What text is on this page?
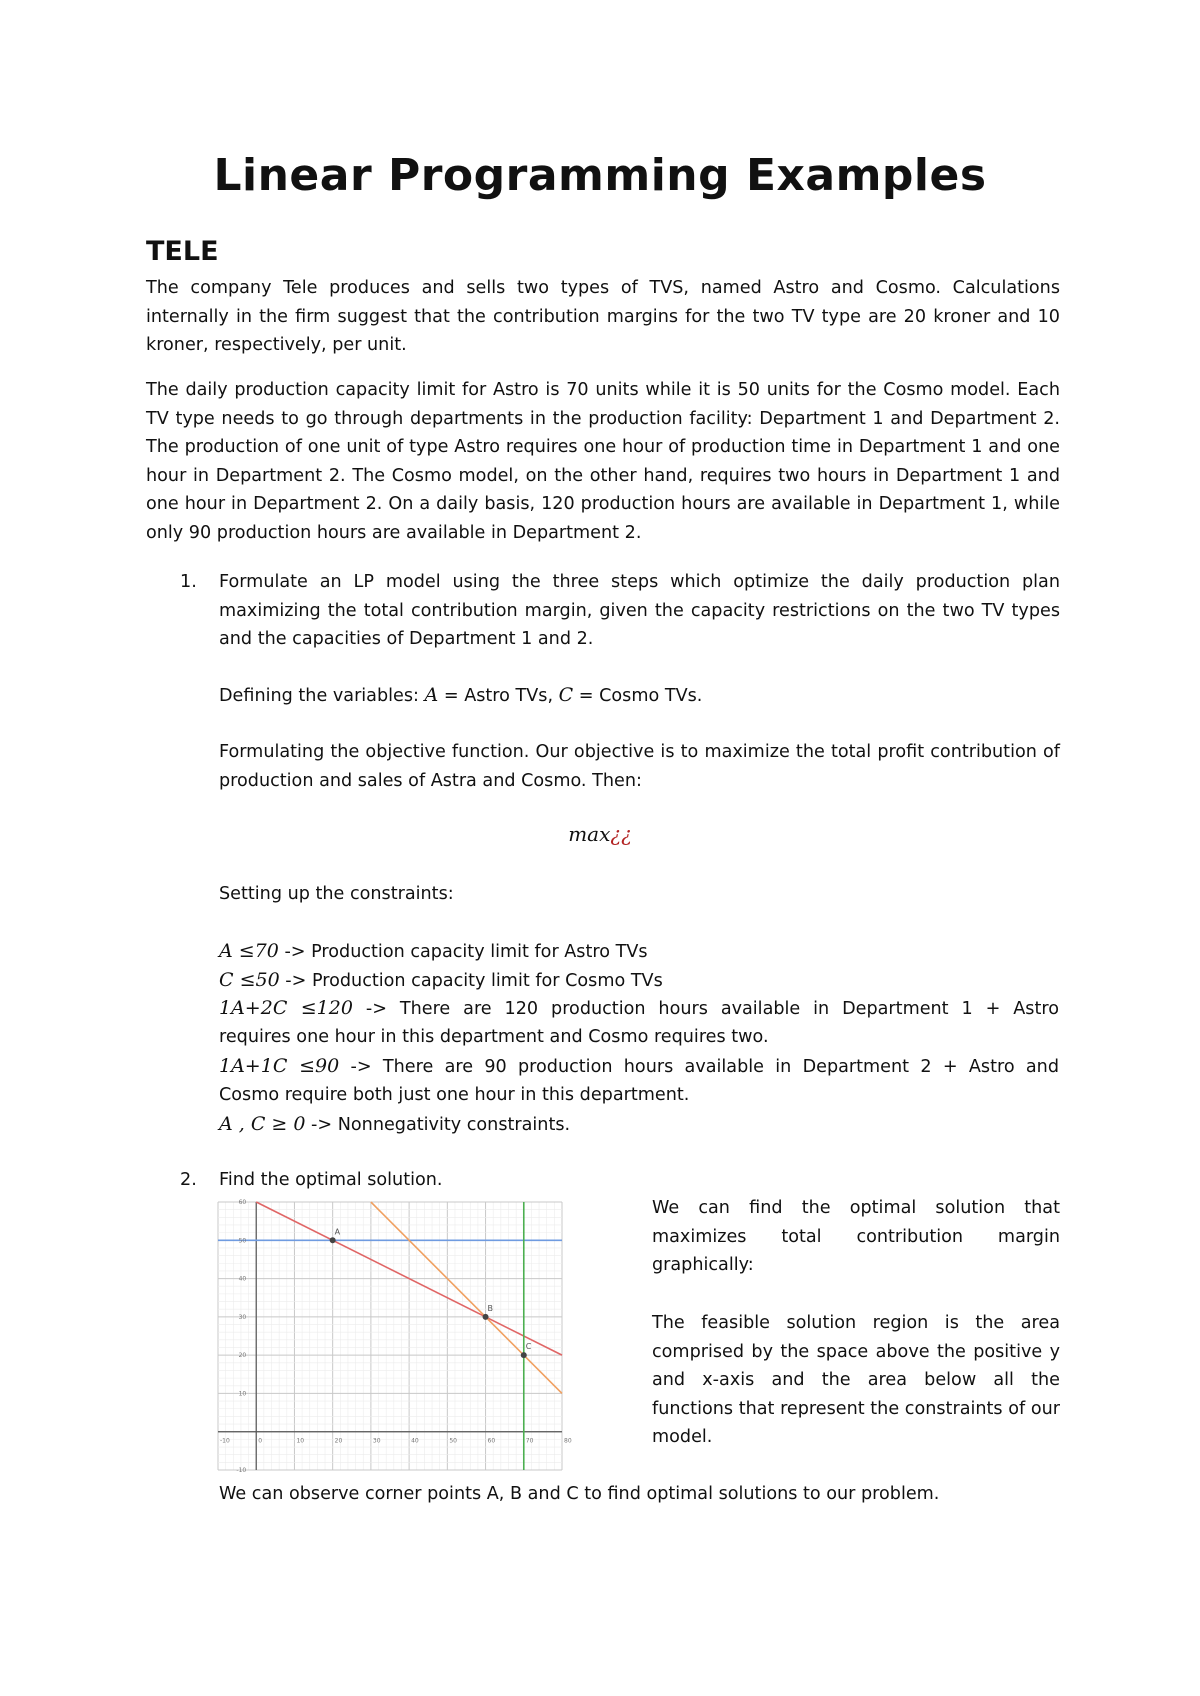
Linear Programming Examples
TELE
The company Tele produces and sells two types of TVS, named Astro and Cosmo. Calculations internally in the firm suggest that the contribution margins for the two TV type are 20 kroner and 10 kroner, respectively, per unit.
The daily production capacity limit for Astro is 70 units while it is 50 units for the Cosmo model. Each TV type needs to go through departments in the production facility: Department 1 and Department 2. The production of one unit of type Astro requires one hour of production time in Department 1 and one hour in Department 2. The Cosmo model, on the other hand, requires two hours in Department 1 and one hour in Department 2. On a daily basis, 120 production hours are available in Department 1, while only 90 production hours are available in Department 2.
1. Formulate an LP model using the three steps which optimize the daily production plan maximizing the total contribution margin, given the capacity restrictions on the two TV types and the capacities of Department 1 and 2.
Defining the variables: A = Astro TVs, C = Cosmo TVs.
Formulating the objective function. Our objective is to maximize the total profit contribution of production and sales of Astra and Cosmo. Then:
max¿¿
Setting up the constraints:
A ≤70 -> Production capacity limit for Astro TVs
C ≤50 -> Production capacity limit for Cosmo TVs
1A+2C ≤120 -> There are 120 production hours available in Department 1 + Astro
requires one hour in this department and Cosmo requires two.
1A+1C ≤90 -> There are 90 production hours available in Department 2 + Astro and
Cosmo require both just one hour in this department.
A , C ≥ 0 -> Nonnegativity constraints.
2. Find the optimal solution.
A
B
C
-10	0	10	20	30	40	50	60	70	80
-10
10
20
30
40
50
60	We can find the optimal solution that maximizes total contribution margin graphically:
The feasible solution region is the area comprised by the space above the positive y and x-axis and the area below all the functions that represent the constraints of our model.
We can observe corner points A, B and C to find optimal solutions to our problem.
